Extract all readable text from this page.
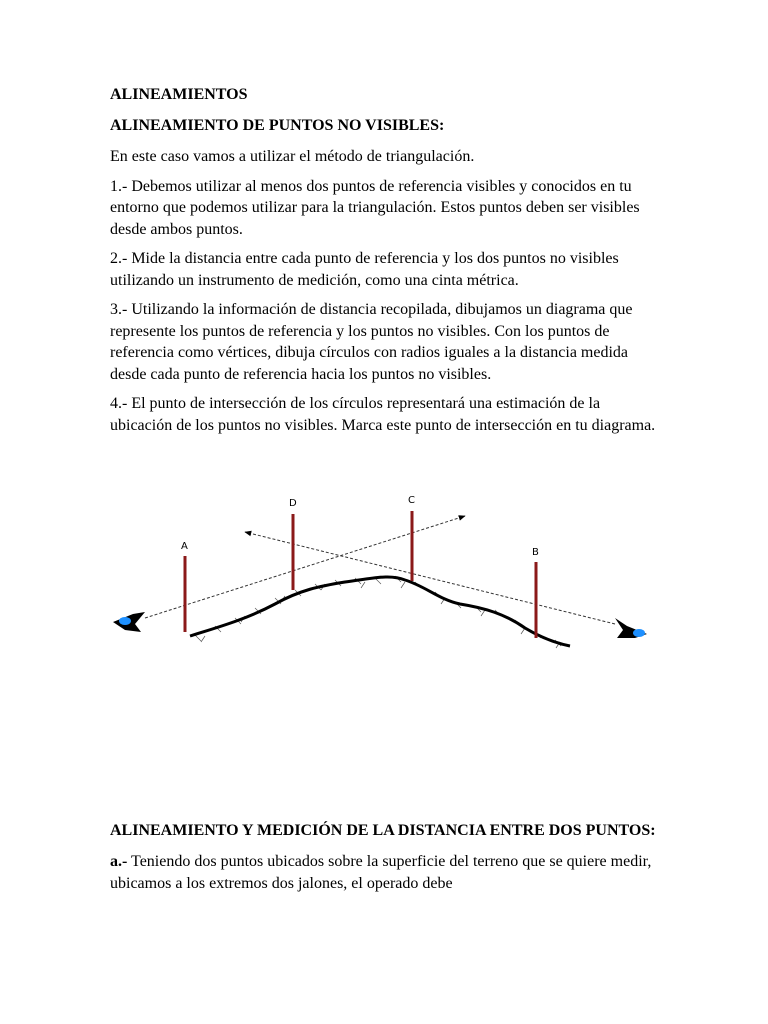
ALINEAMIENTOS
ALINEAMIENTO DE PUNTOS NO VISIBLES:
En este caso vamos a utilizar el método de triangulación.
1.- Debemos utilizar al menos dos puntos de referencia visibles y conocidos en tu entorno que podemos utilizar para la triangulación. Estos puntos deben ser visibles desde ambos puntos.
2.- Mide la distancia entre cada punto de referencia y los dos puntos no visibles utilizando un instrumento de medición, como una cinta métrica.
3.- Utilizando la información de distancia recopilada, dibujamos un diagrama que represente los puntos de referencia y los puntos no visibles. Con los puntos de referencia como vértices, dibuja círculos con radios iguales a la distancia medida desde cada punto de referencia hacia los puntos no visibles.
4.- El punto de intersección de los círculos representará una estimación de la ubicación de los puntos no visibles. Marca este punto de intersección en tu diagrama.
A
D	C
B
ALINEAMIENTO Y MEDICIÓN DE LA DISTANCIA ENTRE DOS PUNTOS:
a.- Teniendo dos puntos ubicados sobre la superficie del terreno que se quiere medir, ubicamos a los extremos dos jalones, el operado debe
